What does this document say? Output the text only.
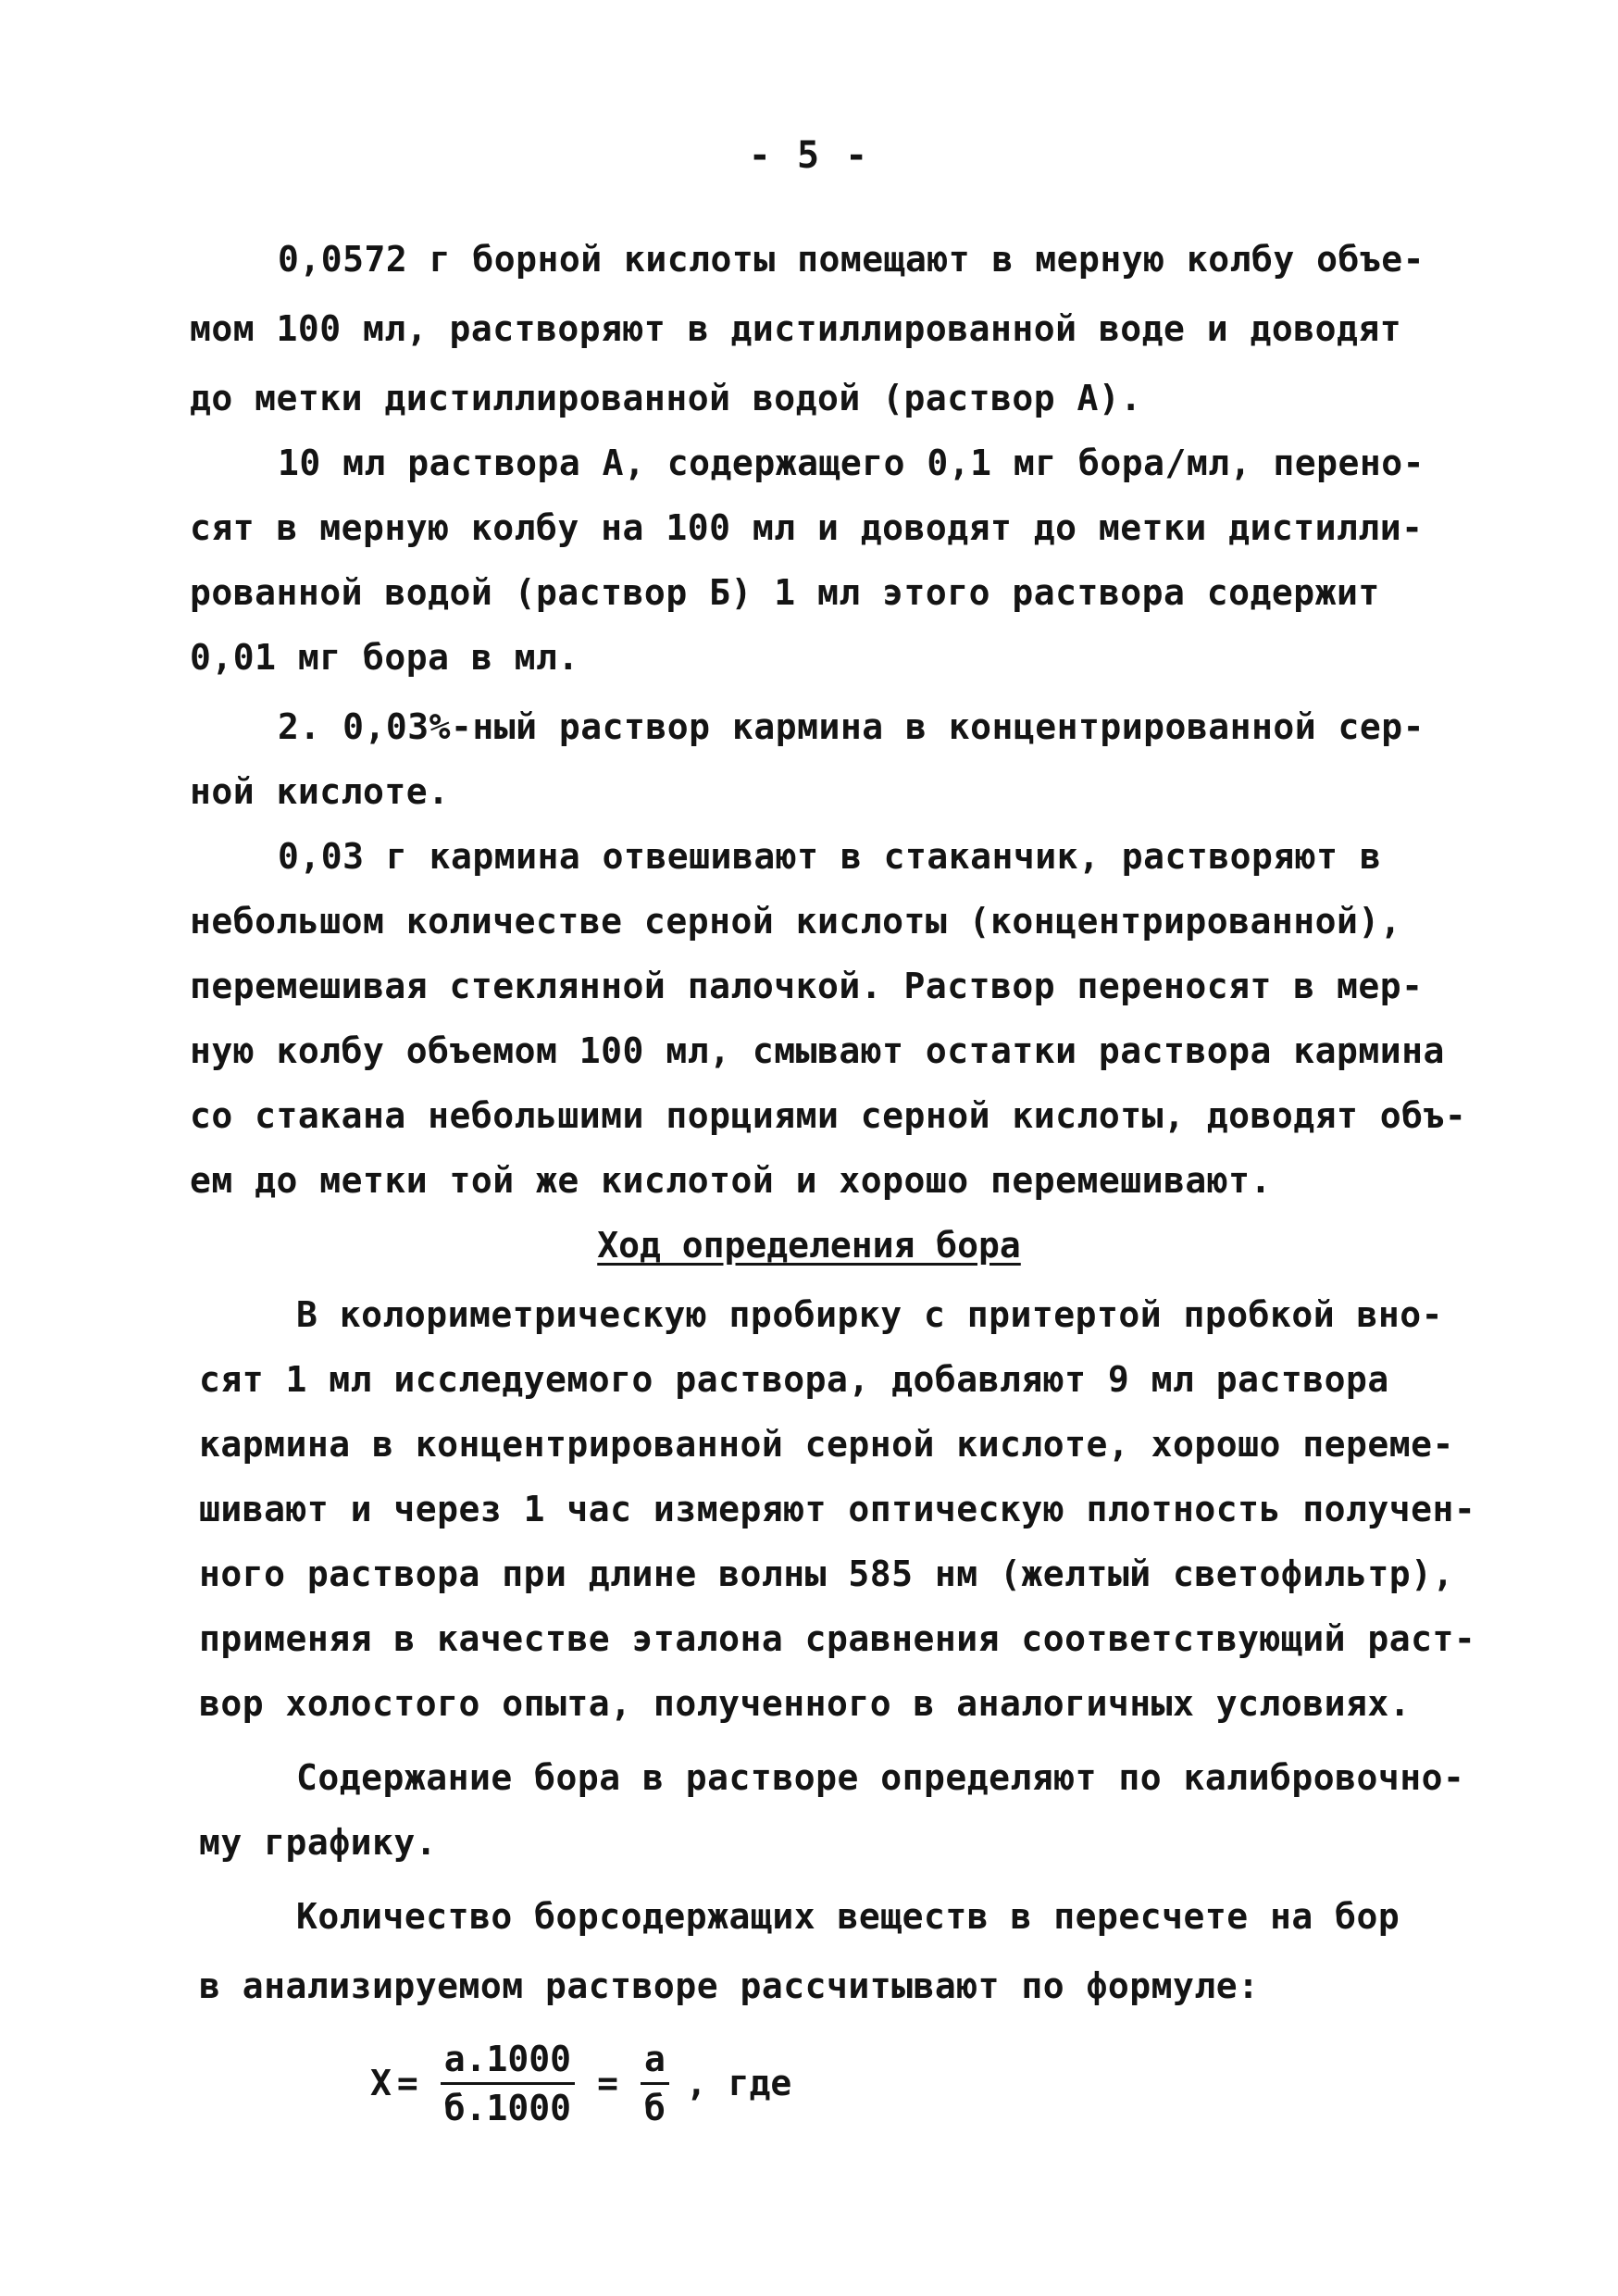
- 5 -
0,0572 г борной кислоты помещают в мерную колбу объе-
мом 100 мл, растворяют в дистиллированной воде и доводят
до метки дистиллированной водой (раствор А).
10 мл раствора А, содержащего 0,1 мг бора/мл, перено-
сят в мерную колбу на 100 мл и доводят до метки дистилли-
рованной водой (раствор Б) 1 мл этого раствора содержит
0,01 мг бора в мл.
2. 0,03%-ный раствор кармина в концентрированной сер-
ной кислоте.
0,03 г кармина отвешивают в стаканчик, растворяют в
небольшом количестве серной кислоты (концентрированной),
перемешивая стеклянной палочкой. Раствор переносят в мер-
ную колбу объемом 100 мл, смывают остатки раствора кармина
со стакана небольшими порциями серной кислоты, доводят объ-
ем до метки той же кислотой и хорошо перемешивают.
Ход определения бора
В колориметрическую пробирку с притертой пробкой вно-
сят 1 мл исследуемого раствора, добавляют 9 мл раствора
кармина в концентрированной серной кислоте, хорошо переме-
шивают и через 1 час измеряют оптическую плотность получен-
ного раствора при длине волны 585 нм (желтый светофильтр),
применяя в качестве эталона сравнения соответствующий раст-
вор холостого опыта, полученного в аналогичных условиях.
Содержание бора в растворе определяют по калибровочно-
му графику.
Количество борсодержащих веществ в пересчете на бор
в анализируемом растворе рассчитывают по формуле:
$Х = \frac{а.1000}{б.1000} = \frac{а}{б}$ , где
